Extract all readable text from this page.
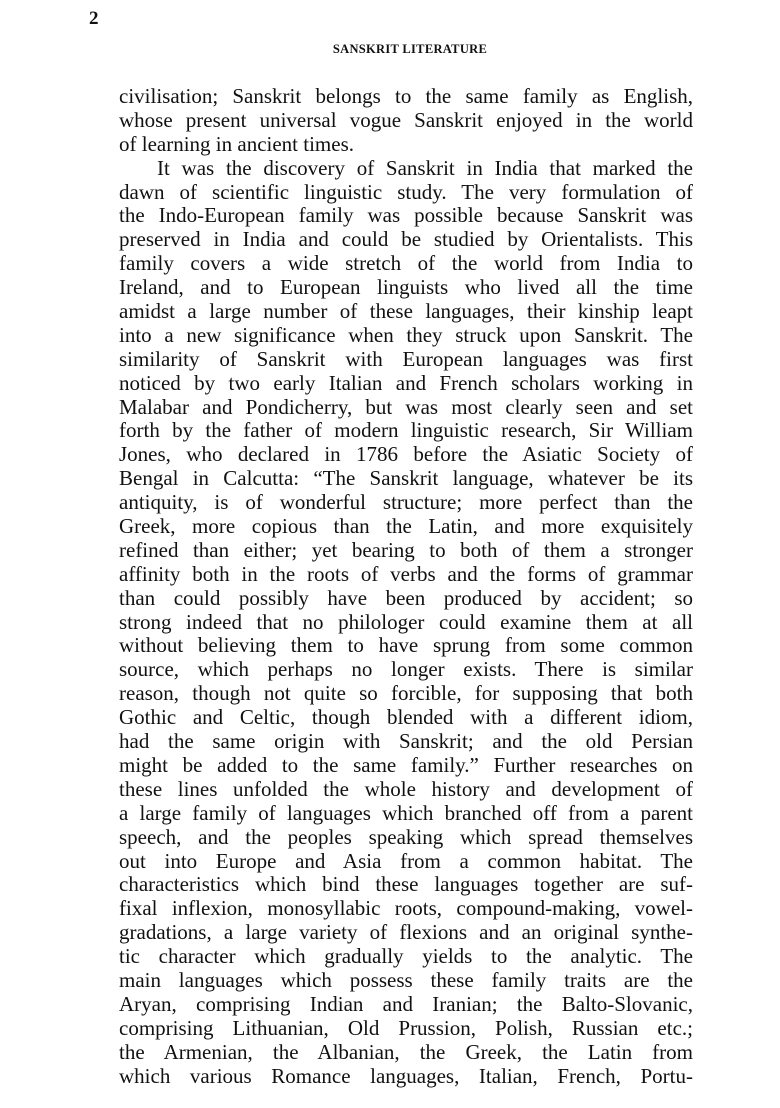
2
SANSKRIT LITERATURE
civilisation; Sanskrit belongs to the same family as English,
whose present universal vogue Sanskrit enjoyed in the world
of learning in ancient times.
It was the discovery of Sanskrit in India that marked the
dawn of scientific linguistic study. The very formulation of
the Indo-European family was possible because Sanskrit was
preserved in India and could be studied by Orientalists. This
family covers a wide stretch of the world from India to
Ireland, and to European linguists who lived all the time
amidst a large number of these languages, their kinship leapt
into a new significance when they struck upon Sanskrit. The
similarity of Sanskrit with European languages was first
noticed by two early Italian and French scholars working in
Malabar and Pondicherry, but was most clearly seen and set
forth by the father of modern linguistic research, Sir William
Jones, who declared in 1786 before the Asiatic Society of
Bengal in Calcutta: “The Sanskrit language, whatever be its
antiquity, is of wonderful structure; more perfect than the
Greek, more copious than the Latin, and more exquisitely
refined than either; yet bearing to both of them a stronger
affinity both in the roots of verbs and the forms of grammar
than could possibly have been produced by accident; so
strong indeed that no philologer could examine them at all
without believing them to have sprung from some common
source, which perhaps no longer exists. There is similar
reason, though not quite so forcible, for supposing that both
Gothic and Celtic, though blended with a different idiom,
had the same origin with Sanskrit; and the old Persian
might be added to the same family.” Further researches on
these lines unfolded the whole history and development of
a large family of languages which branched off from a parent
speech, and the peoples speaking which spread themselves
out into Europe and Asia from a common habitat. The
characteristics which bind these languages together are suf-
fixal inflexion, monosyllabic roots, compound-making, vowel-
gradations, a large variety of flexions and an original synthe-
tic character which gradually yields to the analytic. The
main languages which possess these family traits are the
Aryan, comprising Indian and Iranian; the Balto-Slovanic,
comprising Lithuanian, Old Prussion, Polish, Russian etc.;
the Armenian, the Albanian, the Greek, the Latin from
which various Romance languages, Italian, French, Portu-
